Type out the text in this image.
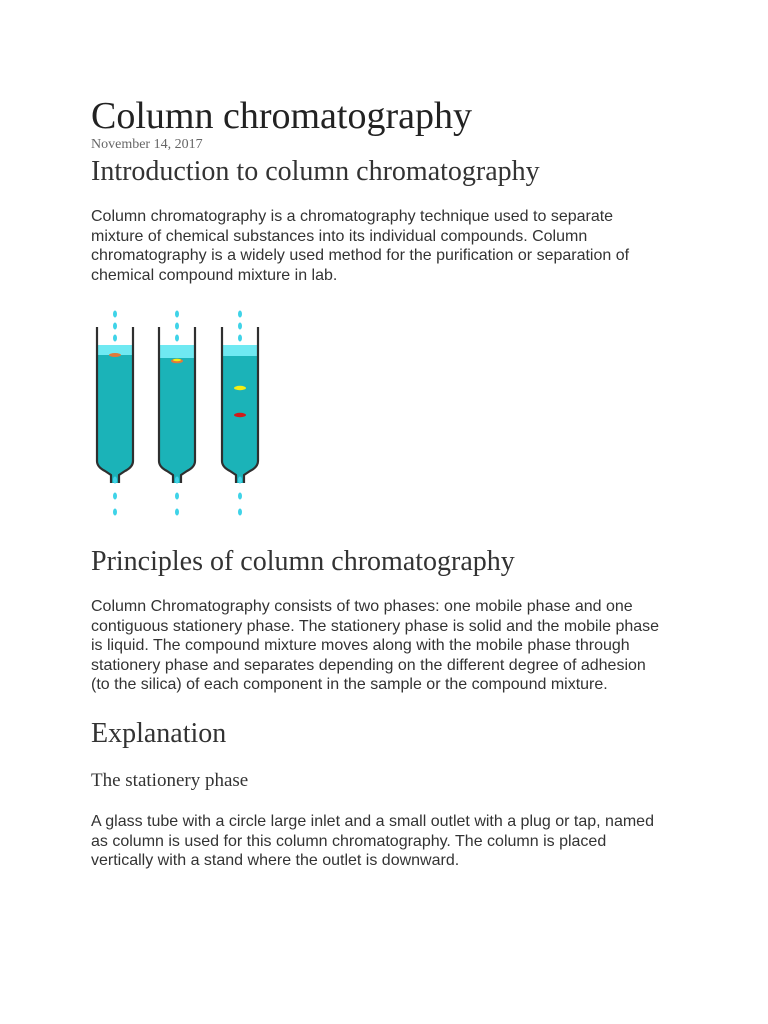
Column chromatography
November 14, 2017
Introduction to column chromatography

Column chromatography is a chromatography technique used to separate
mixture of chemical substances into its individual compounds. Column
chromatography is a widely used method for the purification or separation of
chemical compound mixture in lab.

Principles of column chromatography

Column Chromatography consists of two phases: one mobile phase and one
contiguous stationery phase. The stationery phase is solid and the mobile phase
is liquid. The compound mixture moves along with the mobile phase through
stationery phase and separates depending on the different degree of adhesion
(to the silica) of each component in the sample or the compound mixture.

Explanation
The stationery phase

A glass tube with a circle large inlet and a small outlet with a plug or tap, named
as column is used for this column chromatography. The column is placed
vertically with a stand where the outlet is downward.
